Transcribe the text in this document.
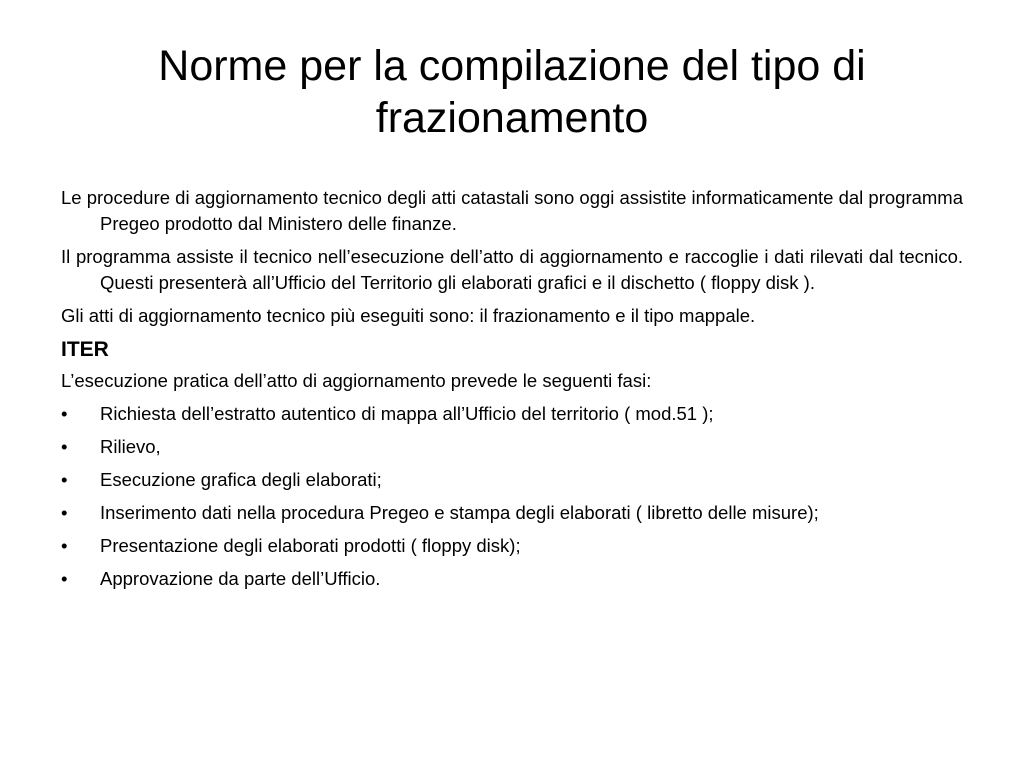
Norme per la compilazione del tipo di frazionamento

Le procedure di aggiornamento tecnico degli atti catastali sono oggi assistite informaticamente dal programma Pregeo prodotto dal Ministero delle finanze.

Il programma assiste il tecnico nell’esecuzione dell’atto di aggiornamento e raccoglie i dati rilevati dal tecnico. Questi presenterà all’Ufficio del Territorio gli elaborati grafici e il dischetto ( floppy disk ).

Gli atti di aggiornamento tecnico più eseguiti sono: il frazionamento e il tipo mappale.

ITER

L’esecuzione pratica dell’atto di aggiornamento prevede le seguenti fasi:

•	Richiesta dell’estratto autentico di mappa all’Ufficio del territorio ( mod.51 );
•	Rilievo,
•	Esecuzione grafica degli elaborati;
•	Inserimento dati nella procedura Pregeo e stampa degli elaborati ( libretto delle misure);
•	Presentazione degli elaborati prodotti ( floppy disk);
•	Approvazione da parte dell’Ufficio.
